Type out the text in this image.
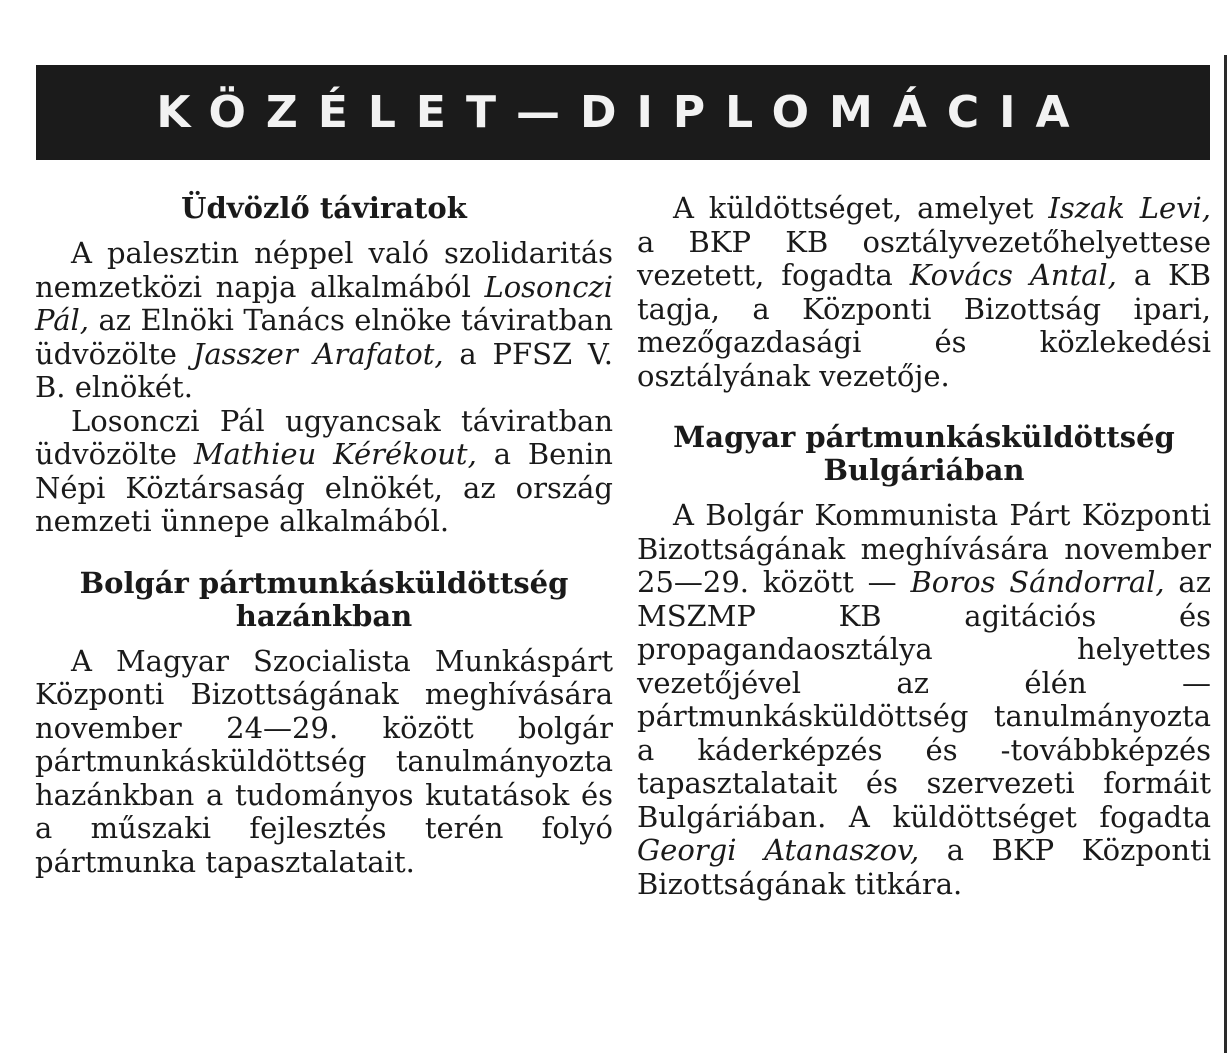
KÖZÉLET—DIPLOMÁCIA
Üdvözlő táviratok

A palesztin néppel való szolidaritás nemzetközi napja alkalmából Losonczi Pál, az Elnöki Tanács elnöke táviratban üdvözölte Jasszer Arafatot, a PFSZ V. B. elnökét.

Losonczi Pál ugyancsak táviratban üdvözölte Mathieu Kérékout, a Benin Népi Köztársaság elnökét, az ország nemzeti ünnepe alkalmából.

Bolgár pártmunkásküldöttség hazánkban

A Magyar Szocialista Munkáspárt Központi Bizottságának meghívására november 24—29. között bolgár pártmunkásküldöttség tanulmányozta hazánkban a tudományos kutatások és a műszaki fejlesztés terén folyó pártmunka tapasztalatait.

A küldöttséget, amelyet Iszak Levi, a BKP KB osztályvezetőhelyettese vezetett, fogadta Kovács Antal, a KB tagja, a Központi Bizottság ipari, mezőgazdasági és közlekedési osztályának vezetője.

Magyar pártmunkásküldöttség Bulgáriában

A Bolgár Kommunista Párt Központi Bizottságának meghívására november 25—29. között — Boros Sándorral, az MSZMP KB agitációs és propagandaosztálya helyettes vezetőjével az élén — pártmunkásküldöttség tanulmányozta a káderképzés és -továbbképzés tapasztalatait és szervezeti formáit Bulgáriában. A küldöttséget fogadta Georgi Atanaszov, a BKP Központi Bizottságának titkára.
